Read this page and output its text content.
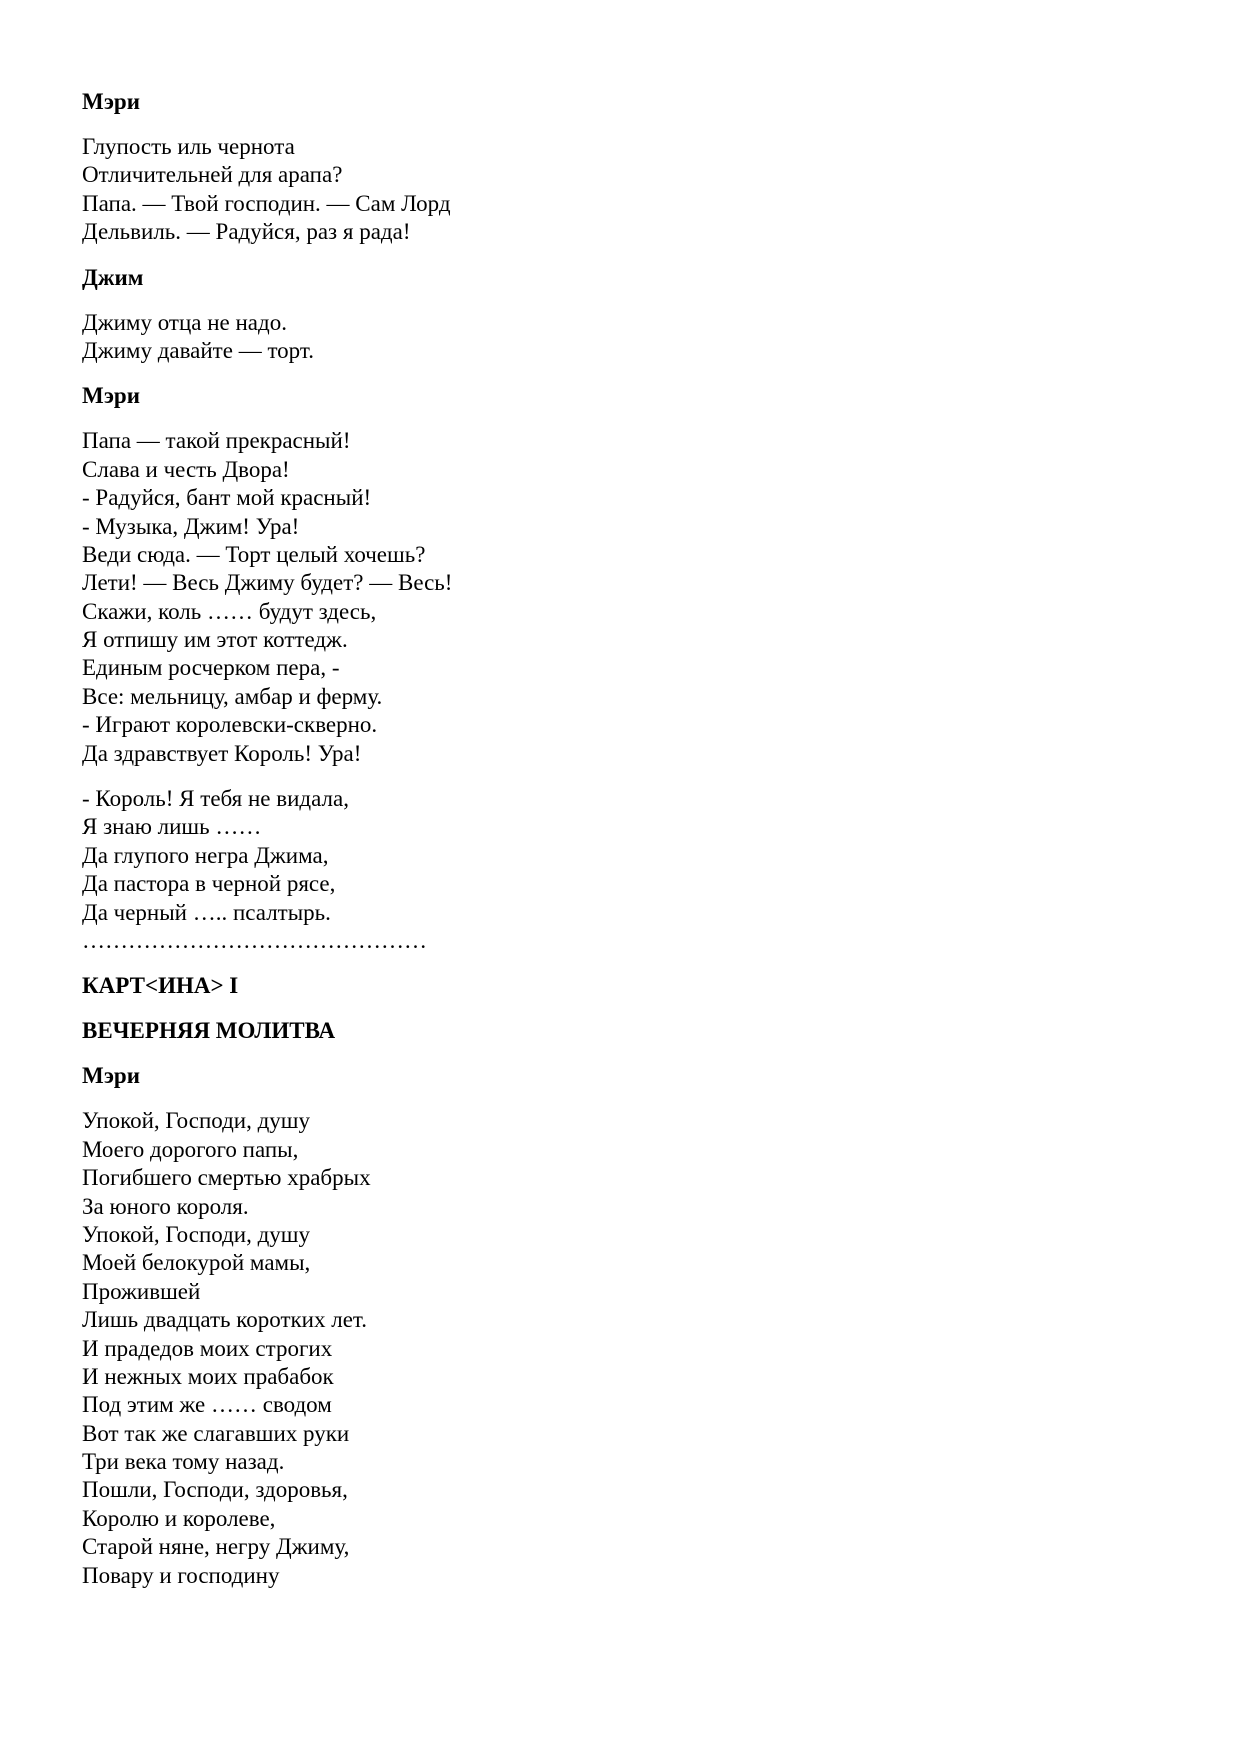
Мэри
Глупость иль чернота
Отличительней для арапа?
Папа. — Твой господин. — Сам Лорд
Дельвиль. — Радуйся, раз я рада!
Джим
Джиму отца не надо.
Джиму давайте — торт.
Мэри
Папа — такой прекрасный!
Слава и честь Двора!
- Радуйся, бант мой красный!
- Музыка, Джим! Ура!
Веди сюда. — Торт целый хочешь?
Лети! — Весь Джиму будет? — Весь!
Скажи, коль …… будут здесь,
Я отпишу им этот коттедж.
Единым росчерком пера, -
Все: мельницу, амбар и ферму.
- Играют королевски-скверно.
Да здравствует Король! Ура!
- Король! Я тебя не видала,
Я знаю лишь ……
Да глупого негра Джима,
Да пастора в черной рясе,
Да черный ….. псалтырь.
………………………………………
КАРТ<ИНА> I
ВЕЧЕРНЯЯ МОЛИТВА
Мэри
Упокой, Господи, душу
Моего дорогого папы,
Погибшего смертью храбрых
За юного короля.
Упокой, Господи, душу
Моей белокурой мамы,
Прожившей
Лишь двадцать коротких лет.
И прадедов моих строгих
И нежных моих прабабок
Под этим же …… сводом
Вот так же слагавших руки
Три века тому назад.
Пошли, Господи, здоровья,
Королю и королеве,
Старой няне, негру Джиму,
Повару и господину
